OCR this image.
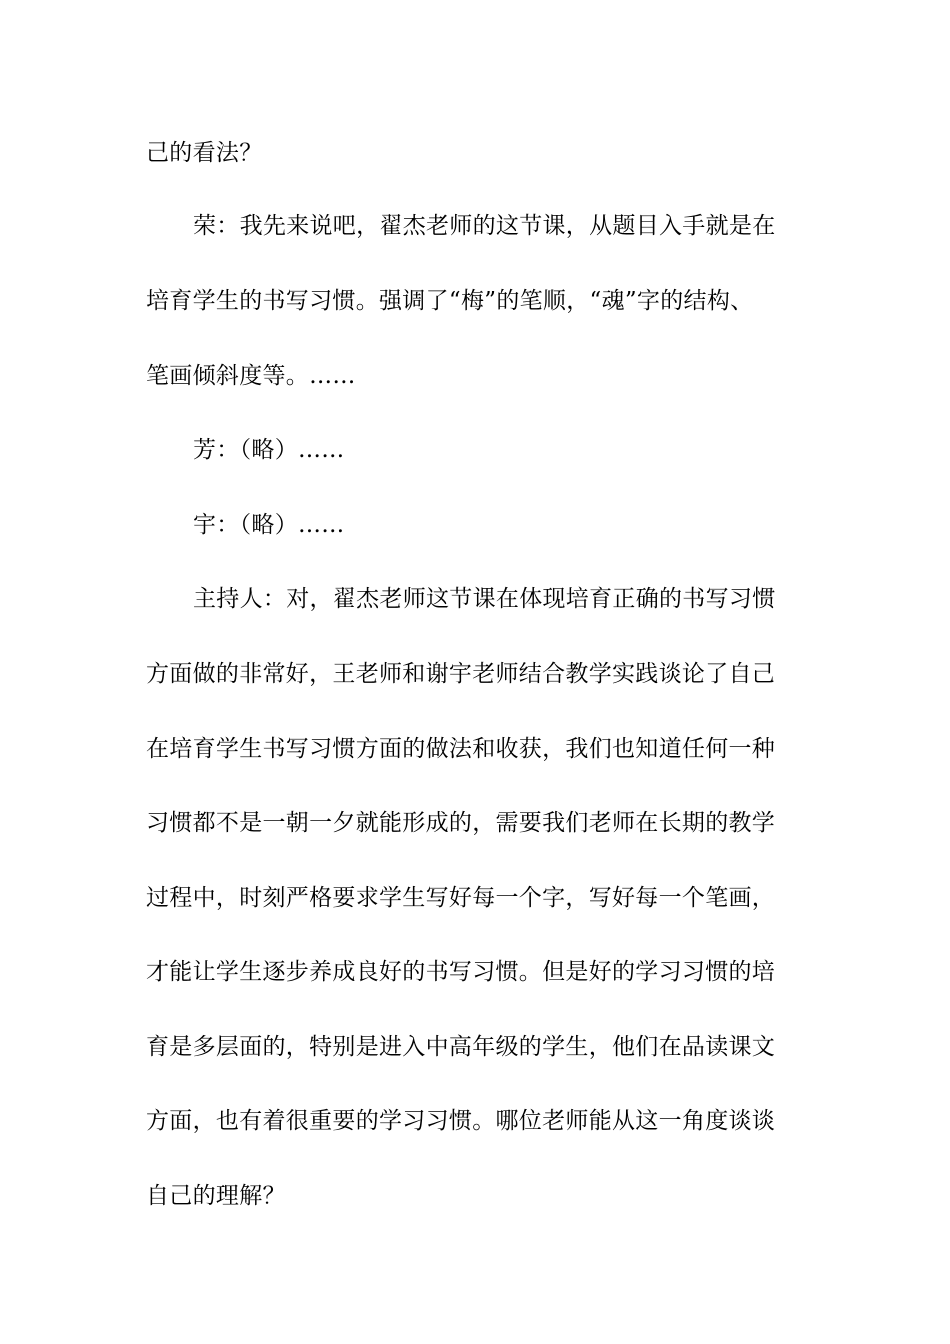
己的看法？
荣：我先来说吧，翟杰老师的这节课，从题目入手就是在
培育学生的书写习惯。强调了“梅”的笔顺，“魂”字的结构、
笔画倾斜度等。……
芳：（略）……
宇：（略）……
主持人：对，翟杰老师这节课在体现培育正确的书写习惯
方面做的非常好，王老师和谢宇老师结合教学实践谈论了自己
在培育学生书写习惯方面的做法和收获，我们也知道任何一种
习惯都不是一朝一夕就能形成的，需要我们老师在长期的教学
过程中，时刻严格要求学生写好每一个字，写好每一个笔画，
才能让学生逐步养成良好的书写习惯。但是好的学习习惯的培
育是多层面的，特别是进入中高年级的学生，他们在品读课文
方面，也有着很重要的学习习惯。哪位老师能从这一角度谈谈
自己的理解？
